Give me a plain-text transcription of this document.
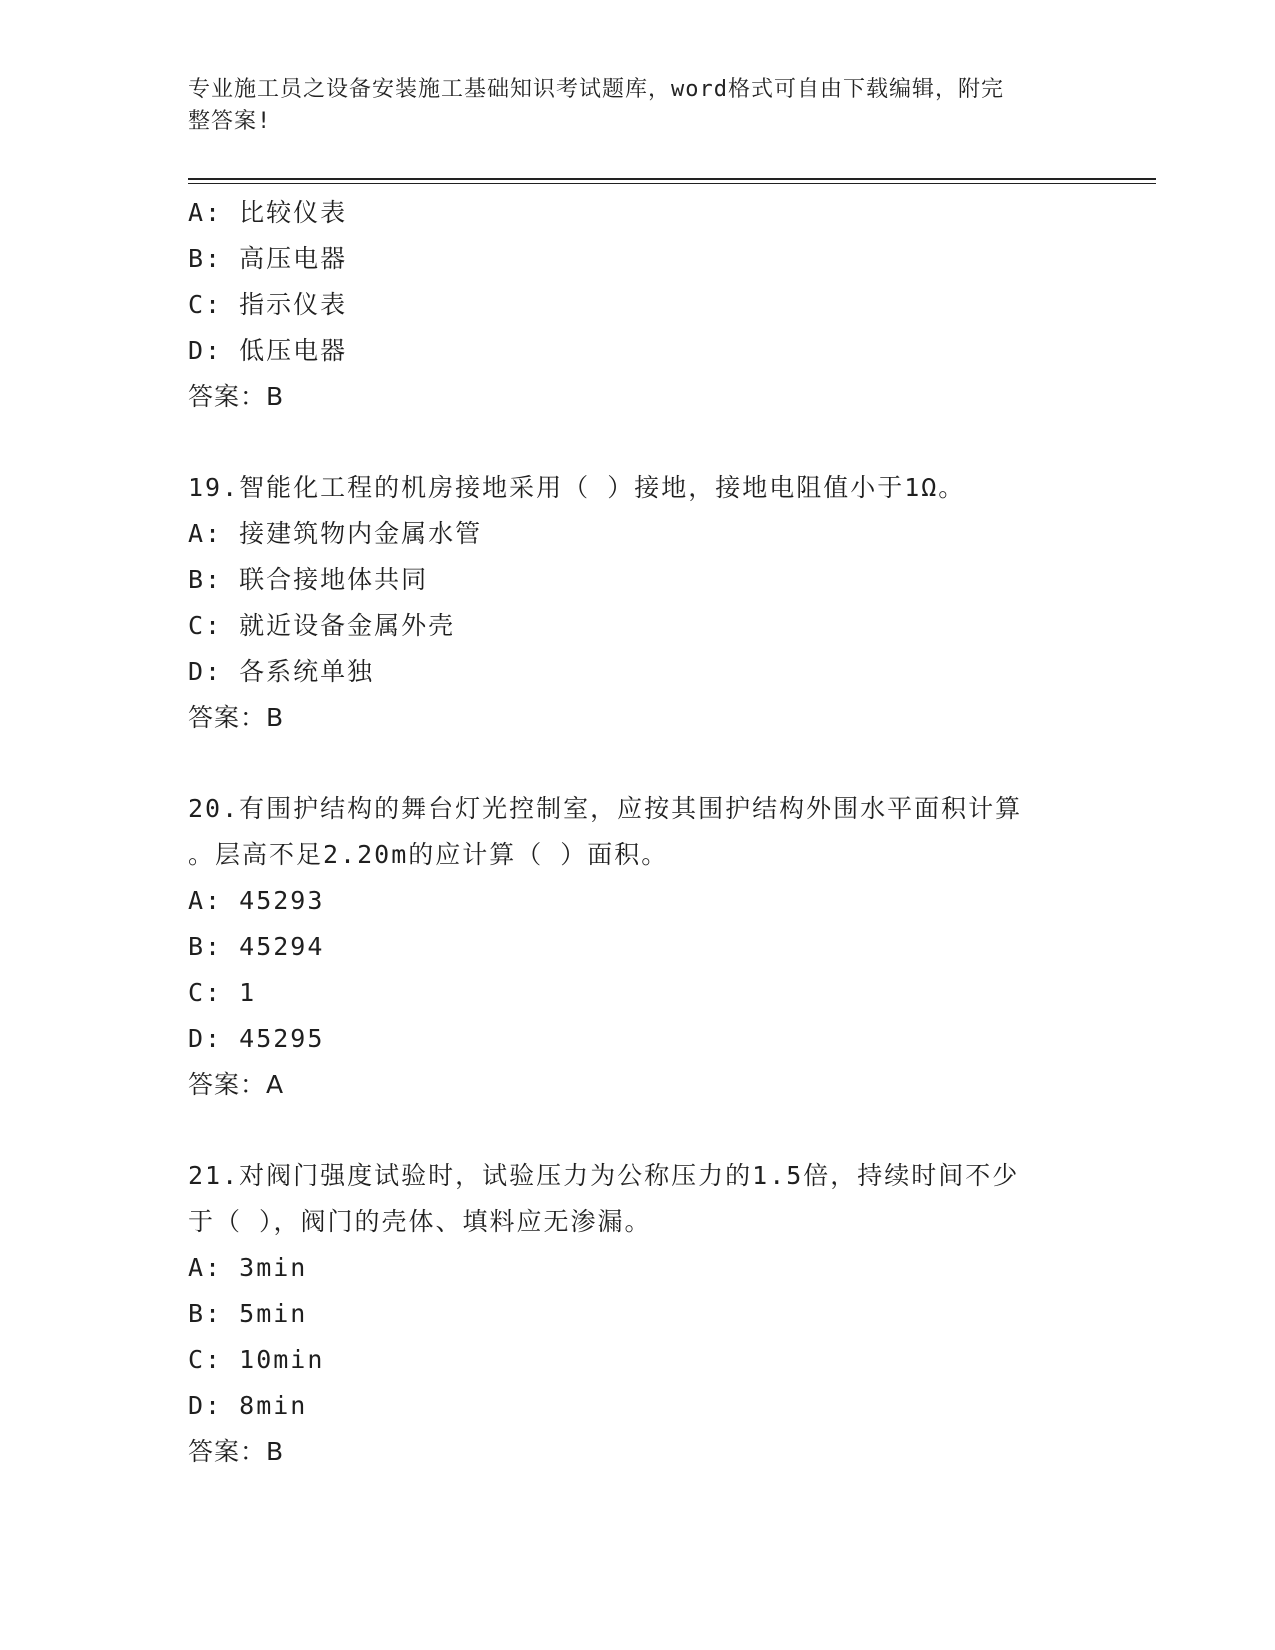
专业施工员之设备安装施工基础知识考试题库，word格式可自由下载编辑，附完
整答案!
A: 比较仪表
B: 高压电器
C: 指示仪表
D: 低压电器
答案：B
19.智能化工程的机房接地采用（ ）接地，接地电阻值小于1Ω。
A: 接建筑物内金属水管
B: 联合接地体共同
C: 就近设备金属外壳
D: 各系统单独
答案：B
20.有围护结构的舞台灯光控制室，应按其围护结构外围水平面积计算
。层高不足2.20m的应计算（ ）面积。
A: 45293
B: 45294
C: 1
D: 45295
答案：A
21.对阀门强度试验时，试验压力为公称压力的1.5倍，持续时间不少
于（ ），阀门的壳体、填料应无渗漏。
A: 3min
B: 5min
C: 10min
D: 8min
答案：B
